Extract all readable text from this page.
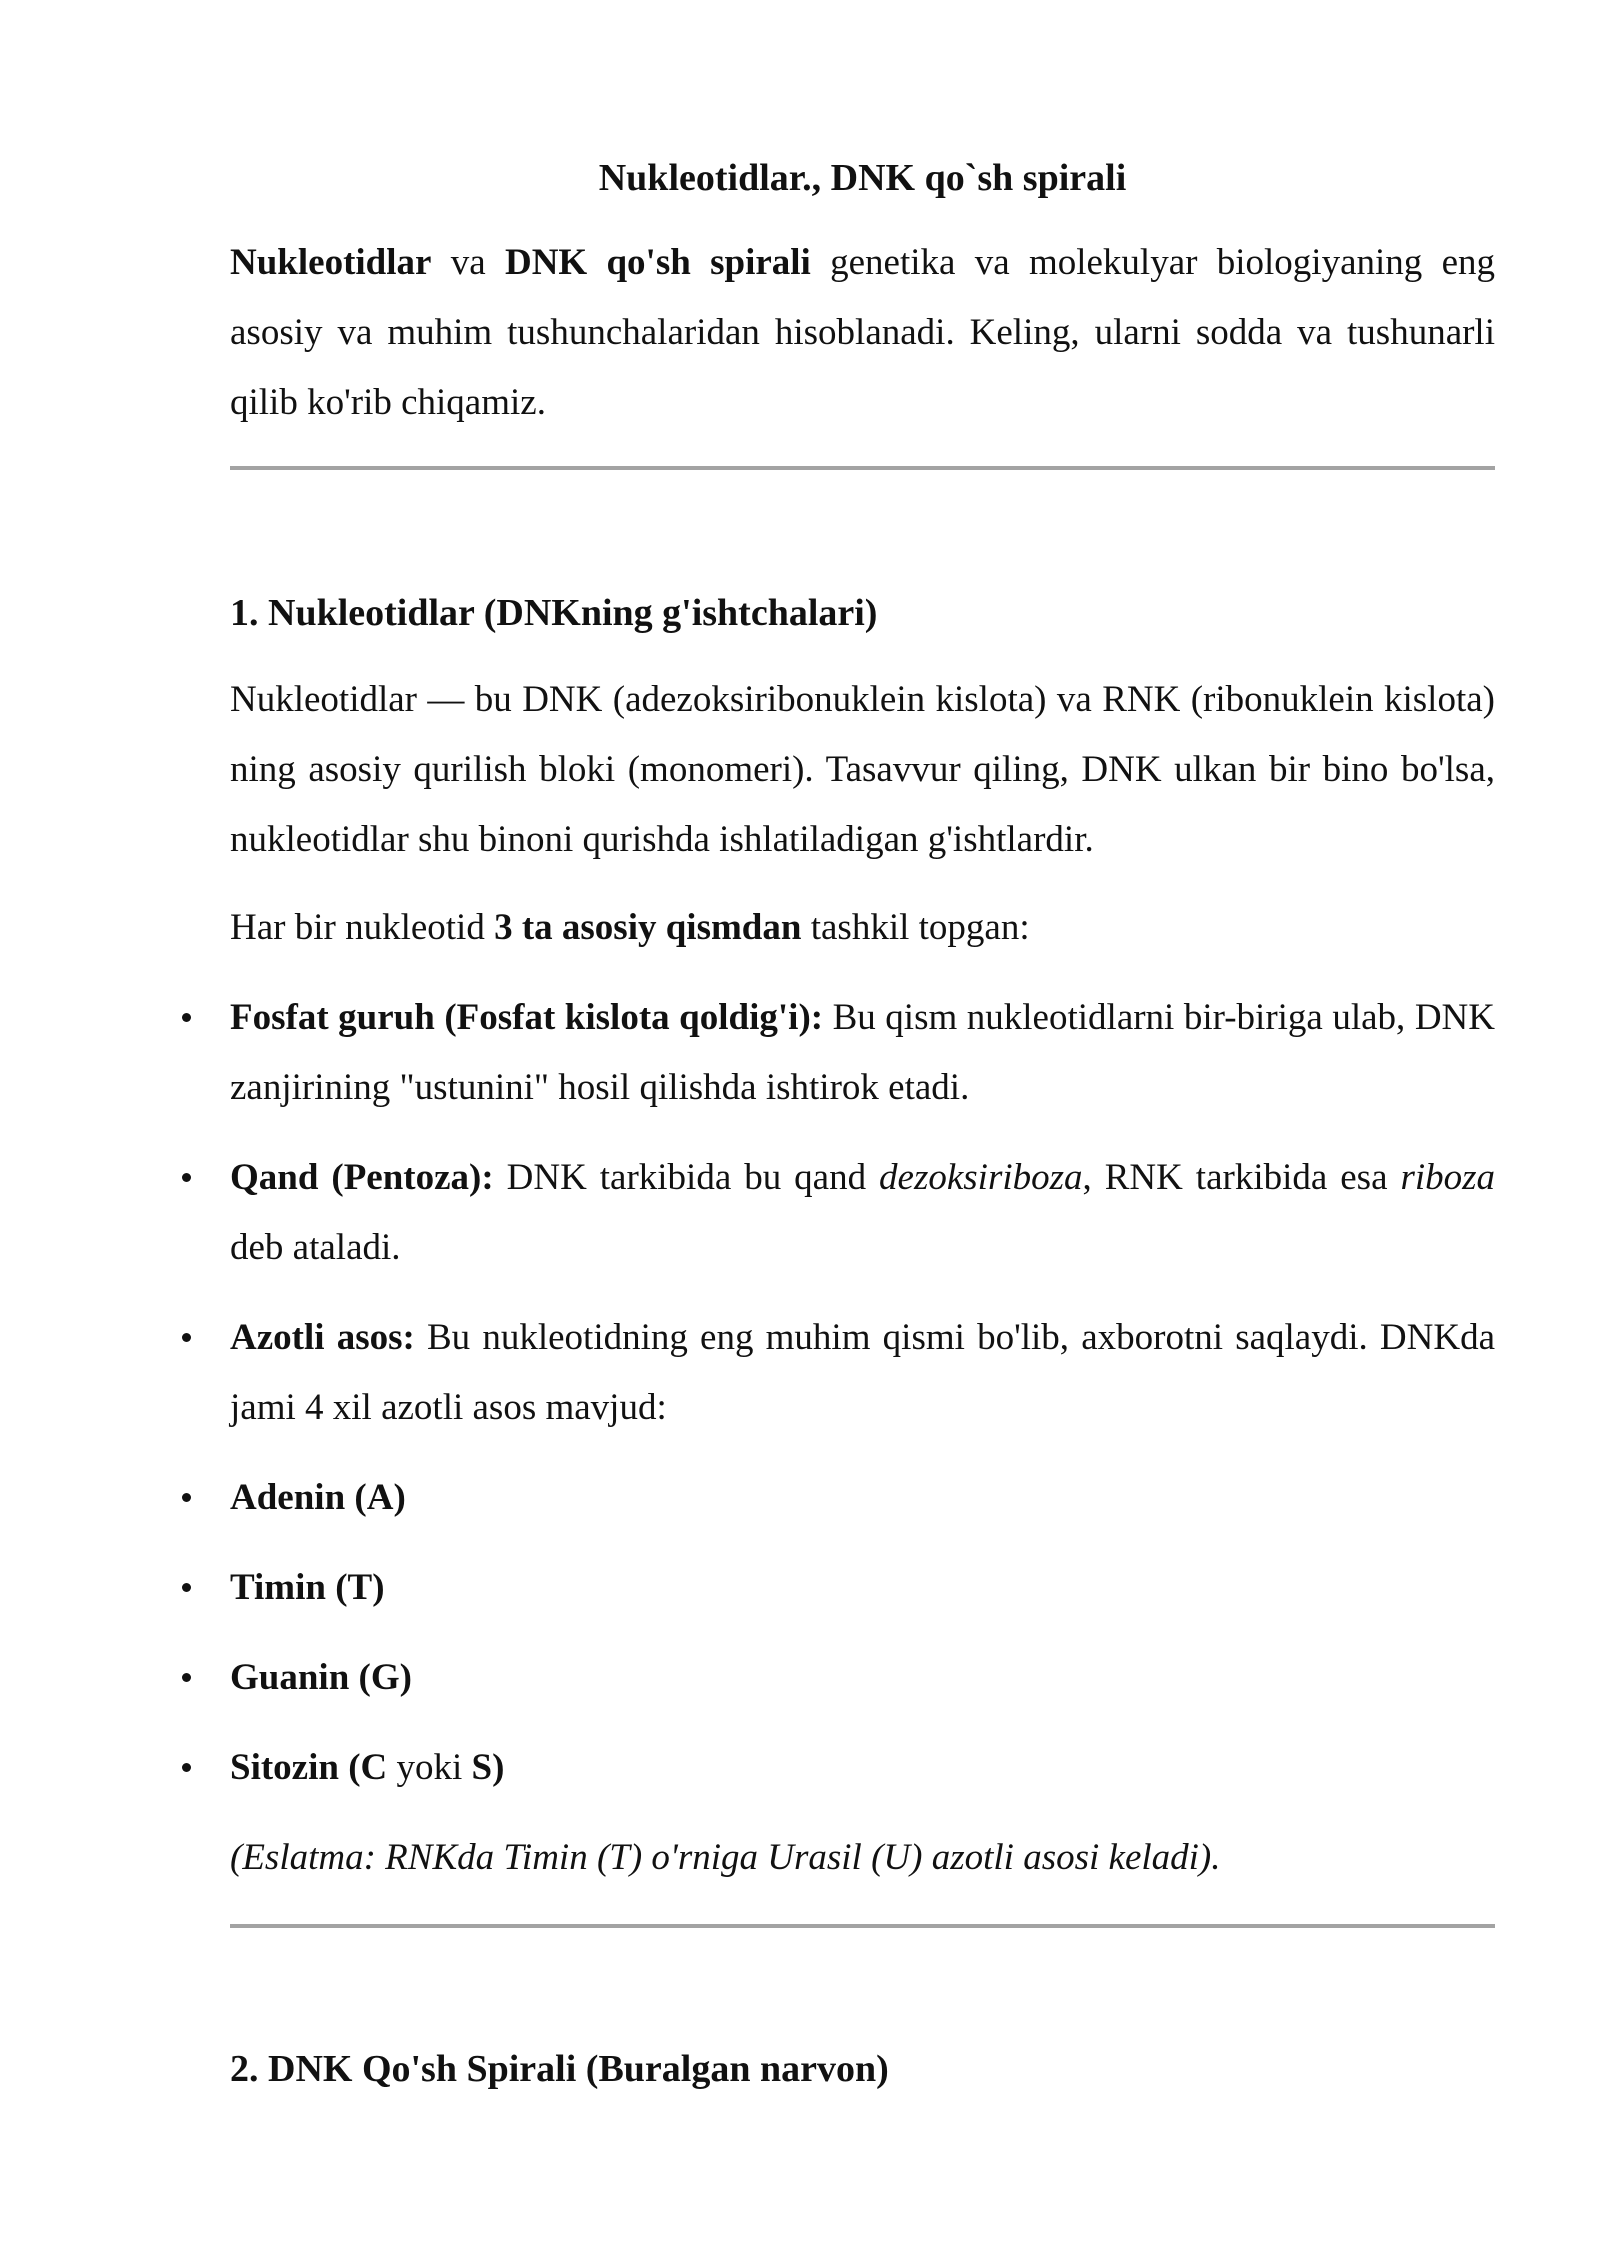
Nukleotidlar., DNK qo`sh spirali

Nukleotidlar va DNK qo'sh spirali genetika va molekulyar biologiyaning eng asosiy va muhim tushunchalaridan hisoblanadi. Keling, ularni sodda va tushunarli qilib ko'rib chiqamiz.

1. Nukleotidlar (DNKning g'ishtchalari)

Nukleotidlar — bu DNK (adezoksiribonuklein kislota) va RNK (ribonuklein kislota) ning asosiy qurilish bloki (monomeri). Tasavvur qiling, DNK ulkan bir bino bo'lsa, nukleotidlar shu binoni qurishda ishlatiladigan g'ishtlardir.

Har bir nukleotid 3 ta asosiy qismdan tashkil topgan:

Fosfat guruh (Fosfat kislota qoldig'i): Bu qism nukleotidlarni bir-biriga ulab, DNK zanjirining "ustunini" hosil qilishda ishtirok etadi.

Qand (Pentoza): DNK tarkibida bu qand dezoksiriboza, RNK tarkibida esa riboza deb ataladi.

Azotli asos: Bu nukleotidning eng muhim qismi bo'lib, axborotni saqlaydi. DNKda jami 4 xil azotli asos mavjud:

Adenin (A)

Timin (T)

Guanin (G)

Sitozin (C yoki S)

(Eslatma: RNKda Timin (T) o'rniga Urasil (U) azotli asosi keladi).

2. DNK Qo'sh Spirali (Buralgan narvon)
